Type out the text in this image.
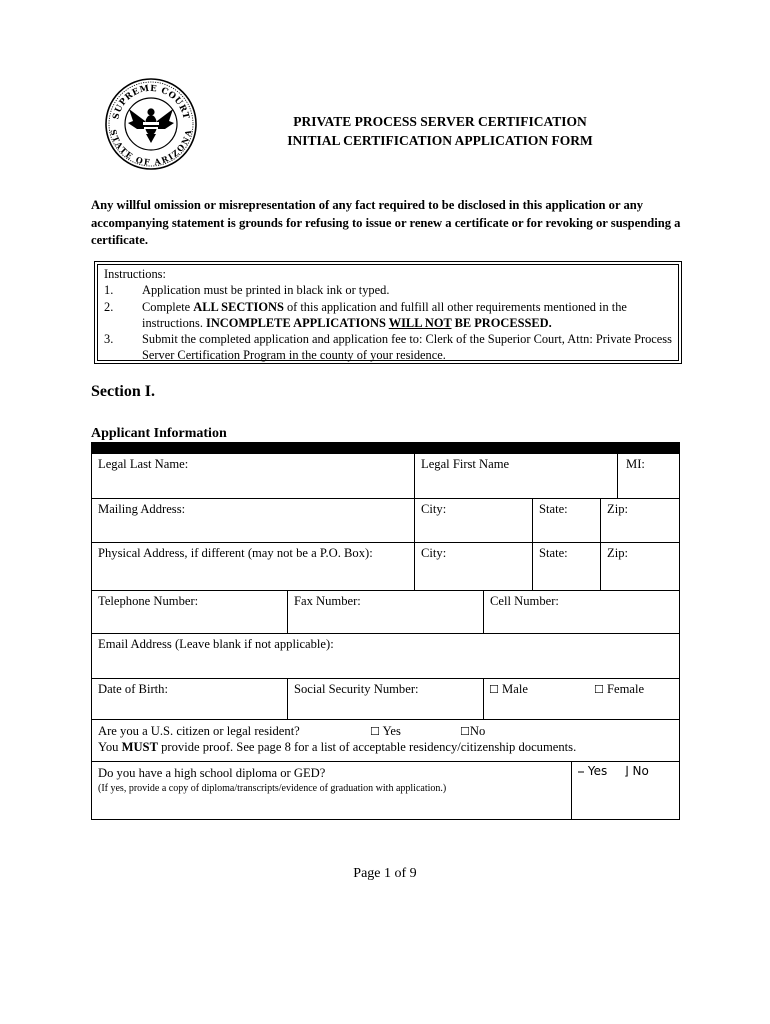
SUPREME COURT
STATE OF ARIZONA
PRIVATE PROCESS SERVER CERTIFICATION
INITIAL CERTIFICATION APPLICATION FORM
Any willful omission or misrepresentation of any fact required to be disclosed in this application or any accompanying statement is grounds for refusing to issue or renew a certificate or for revoking or suspending a certificate.
Instructions:
1.	Application must be printed in black ink or typed.
2.	Complete ALL SECTIONS of this application and fulfill all other requirements mentioned in the instructions. INCOMPLETE APPLICATIONS WILL NOT BE PROCESSED.
3.	Submit the completed application and application fee to: Clerk of the Superior Court, Attn: Private Process Server Certification Program in the county of your residence.
Section I.
Applicant Information
Legal Last Name:	Legal First Name	MI:
Mailing Address:	City:	State:	Zip:
Physical Address, if different (may not be a P.O. Box):	City:	State:	Zip:
Telephone Number:	Fax Number:	Cell Number:
Email Address (Leave blank if not applicable):
Date of Birth:	Social Security Number:	☐ Male	☐ Female
Are you a U.S. citizen or legal resident?	☐ Yes	☐No
You MUST provide proof. See page 8 for a list of acceptable residency/citizenship documents.
Do you have a high school diploma or GED?
(If yes, provide a copy of diploma/transcripts/evidence of graduation with application.)
⎯ Yes ⌋ No
Page 1 of 9
